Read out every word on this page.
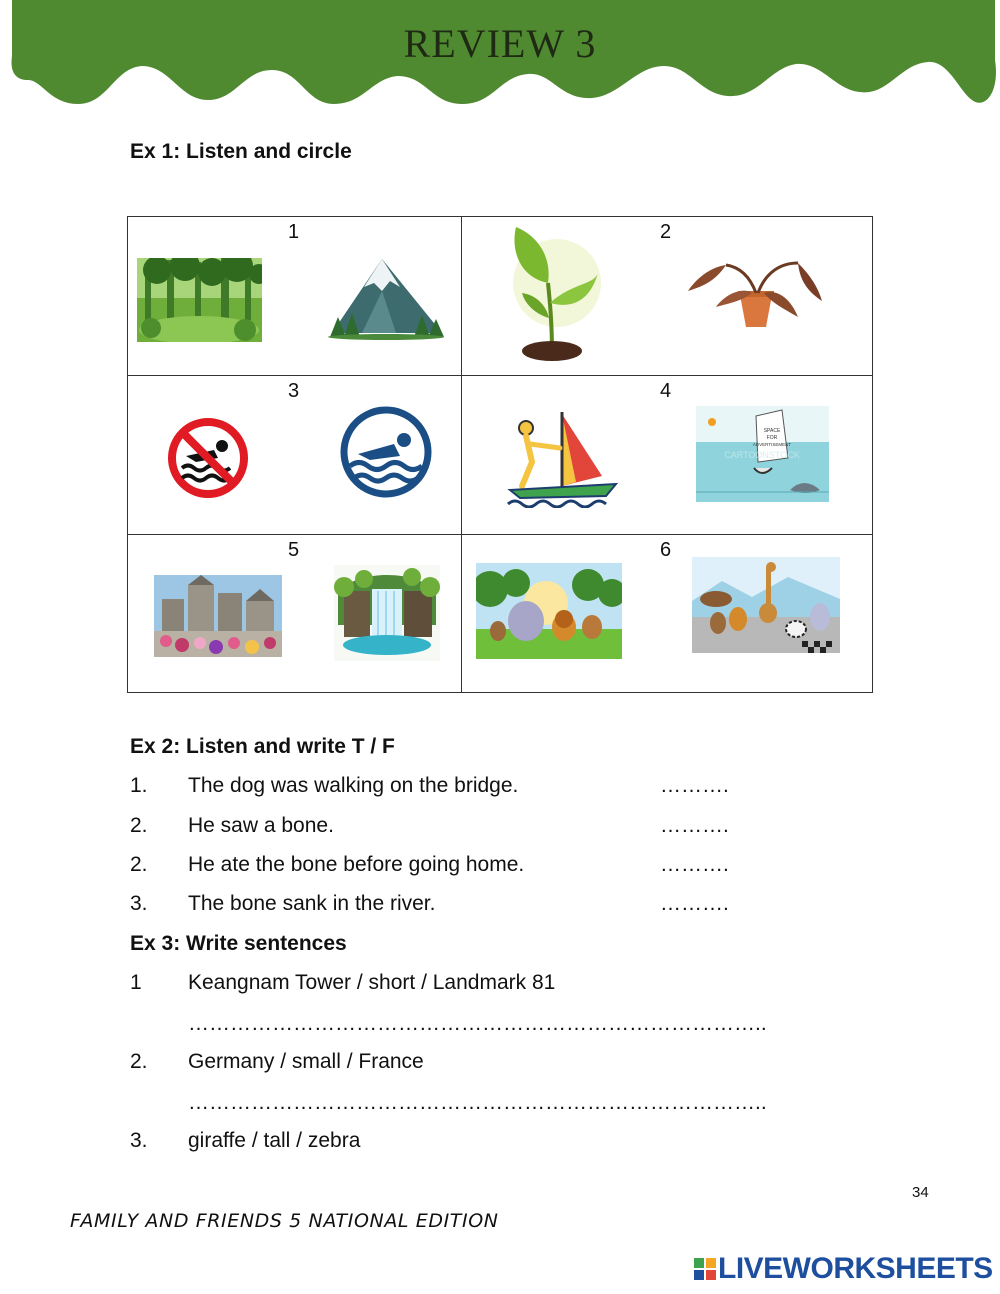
REVIEW 3
Ex 1: Listen and circle
1	2
3	4
SPACE
FOR
ADVERTISEMENT
CARTOONSTOCK
5	6
Ex 2: Listen and write T / F
1. The dog was walking on the bridge.	……….
2. He saw a bone.	……….
2. He ate the bone before going home.	……….
3. The bone sank in the river.	……….
Ex 3: Write sentences
1 Keangnam Tower / short / Landmark 81
………………………………………………………………………..
2. Germany / small / France
………………………………………………………………………..
3. giraffe / tall / zebra
34
FAMILY AND FRIENDS 5 NATIONAL EDITION
LIVEWORKSHEETS
